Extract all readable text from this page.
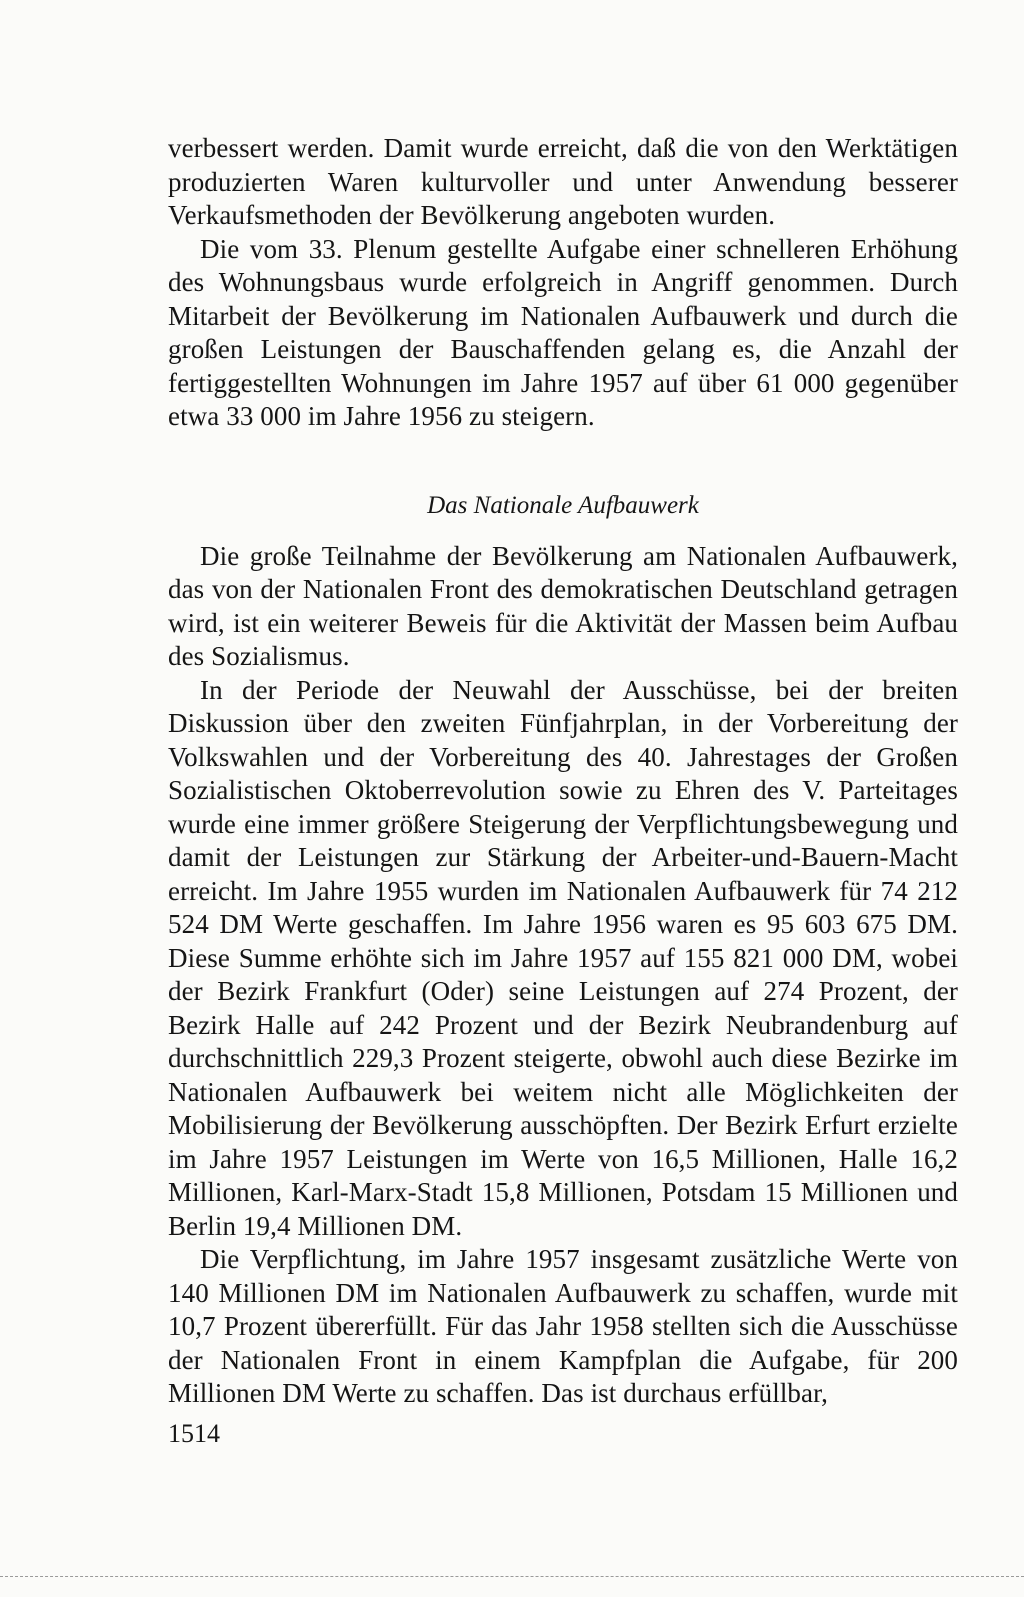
verbessert werden. Damit wurde erreicht, daß die von den Werktätigen produzierten Waren kulturvoller und unter Anwendung besserer Verkaufsmethoden der Bevölkerung angeboten wurden.

Die vom 33. Plenum gestellte Aufgabe einer schnelleren Erhöhung des Wohnungsbaus wurde erfolgreich in Angriff genommen. Durch Mitarbeit der Bevölkerung im Nationalen Aufbauwerk und durch die großen Leistungen der Bauschaffenden gelang es, die Anzahl der fertiggestellten Wohnungen im Jahre 1957 auf über 61 000 gegenüber etwa 33 000 im Jahre 1956 zu steigern.

Das Nationale Aufbauwerk

Die große Teilnahme der Bevölkerung am Nationalen Aufbauwerk, das von der Nationalen Front des demokratischen Deutschland getragen wird, ist ein weiterer Beweis für die Aktivität der Massen beim Aufbau des Sozialismus.

In der Periode der Neuwahl der Ausschüsse, bei der breiten Diskussion über den zweiten Fünfjahrplan, in der Vorbereitung der Volkswahlen und der Vorbereitung des 40. Jahrestages der Großen Sozialistischen Oktoberrevolution sowie zu Ehren des V. Parteitages wurde eine immer größere Steigerung der Verpflichtungsbewegung und damit der Leistungen zur Stärkung der Arbeiter-und-Bauern-Macht erreicht. Im Jahre 1955 wurden im Nationalen Aufbauwerk für 74 212 524 DM Werte geschaffen. Im Jahre 1956 waren es 95 603 675 DM. Diese Summe erhöhte sich im Jahre 1957 auf 155 821 000 DM, wobei der Bezirk Frankfurt (Oder) seine Leistungen auf 274 Prozent, der Bezirk Halle auf 242 Prozent und der Bezirk Neubrandenburg auf durchschnittlich 229,3 Prozent steigerte, obwohl auch diese Bezirke im Nationalen Aufbauwerk bei weitem nicht alle Möglichkeiten der Mobilisierung der Bevölkerung ausschöpften. Der Bezirk Erfurt erzielte im Jahre 1957 Leistungen im Werte von 16,5 Millionen, Halle 16,2 Millionen, Karl-Marx-Stadt 15,8 Millionen, Potsdam 15 Millionen und Berlin 19,4 Millionen DM.

Die Verpflichtung, im Jahre 1957 insgesamt zusätzliche Werte von 140 Millionen DM im Nationalen Aufbauwerk zu schaffen, wurde mit 10,7 Prozent übererfüllt. Für das Jahr 1958 stellten sich die Ausschüsse der Nationalen Front in einem Kampfplan die Aufgabe, für 200 Millionen DM Werte zu schaffen. Das ist durchaus erfüllbar,

1514
